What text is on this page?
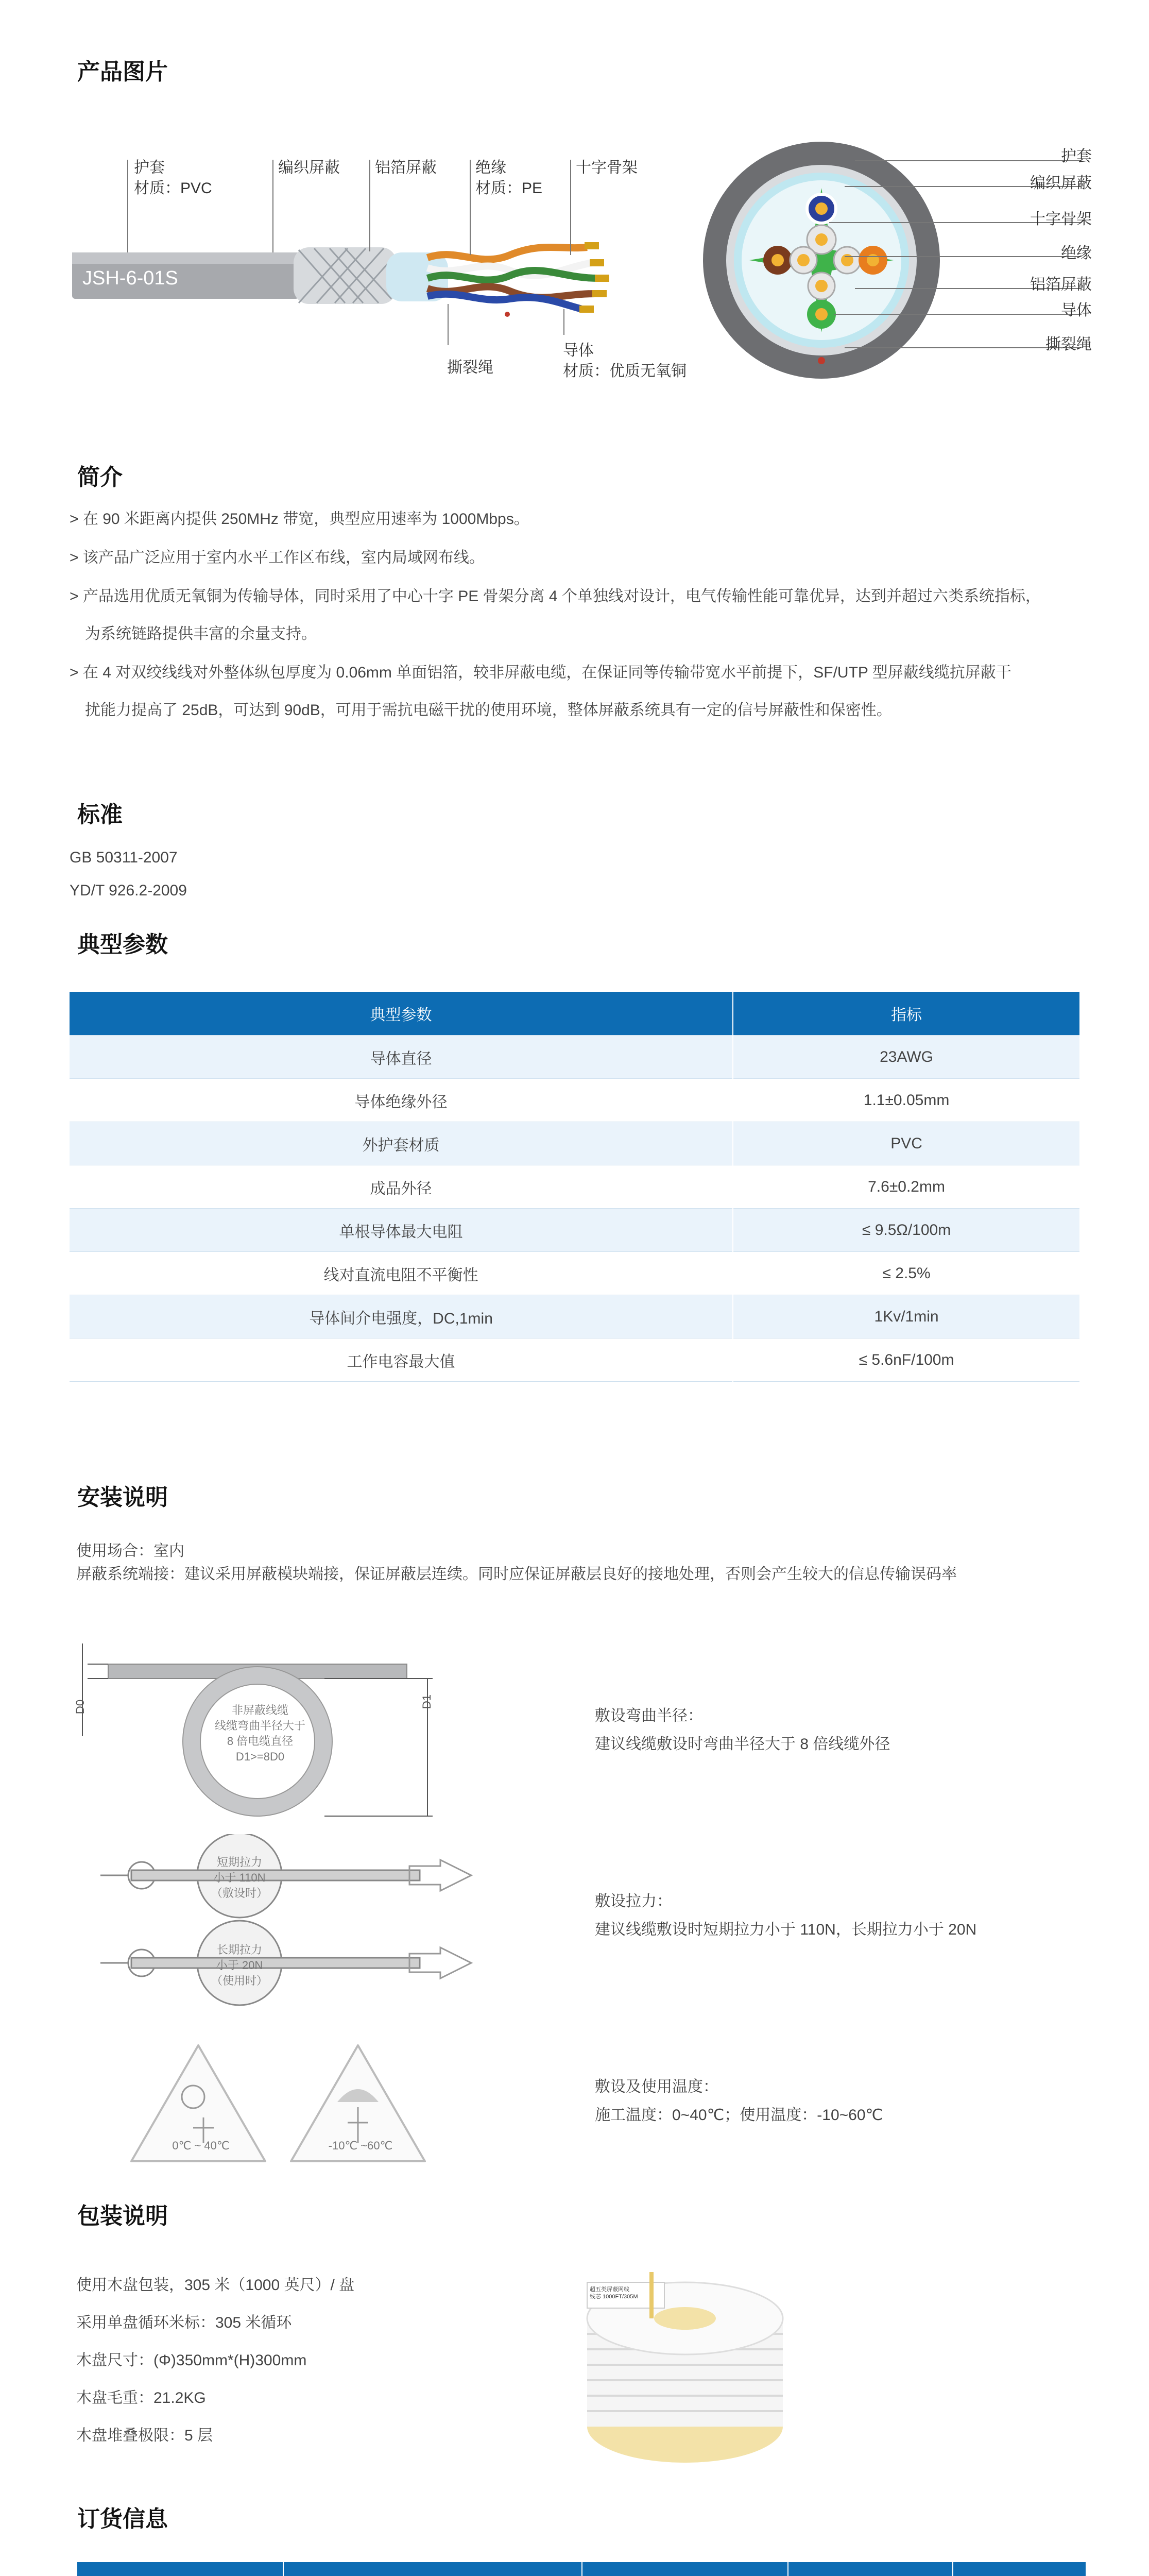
产品图片
JSH-6-01S
护套
材质：PVC
编织屏蔽 铝箔屏蔽	绝缘
材质：PE
十字骨架
撕裂绳
导体
材质：优质无氧铜
护套
编织屏蔽
十字骨架
绝缘
铝箔屏蔽
导体
撕裂绳
简介
> 在 90 米距离内提供 250MHz 带宽，典型应用速率为 1000Mbps。
> 该产品广泛应用于室内水平工作区布线，室内局域网布线。
> 产品选用优质无氧铜为传输导体，同时采用了中心十字 PE 骨架分离 4 个单独线对设计，电气传输性能可靠优异，达到并超过六类系统指标，
为系统链路提供丰富的余量支持。
> 在 4 对双绞线线对外整体纵包厚度为 0.06mm 单面铝箔，较非屏蔽电缆，在保证同等传输带宽水平前提下，SF/UTP 型屏蔽线缆抗屏蔽干
扰能力提高了 25dB，可达到 90dB，可用于需抗电磁干扰的使用环境，整体屏蔽系统具有一定的信号屏蔽性和保密性。
标准
GB 50311-2007
YD/T 926.2-2009
典型参数
典型参数	指标
导体直径	23AWG
导体绝缘外径	1.1±0.05mm
外护套材质	PVC
成品外径	7.6±0.2mm
单根导体最大电阻	≤ 9.5Ω/100m
线对直流电阻不平衡性	≤ 2.5%
导体间介电强度，DC,1min	1Kv/1min
工作电容最大值	≤ 5.6nF/100m
安装说明
使用场合：室内
屏蔽系统端接：建议采用屏蔽模块端接，保证屏蔽层连续。同时应保证屏蔽层良好的接地处理，否则会产生较大的信息传输误码率
D0	D1
非屏蔽线缆
线缆弯曲半径大于
8 倍电缆直径
D1>=8D0
短期拉力
小于 110N
（敷设时）
长期拉力
小于 20N
（使用时）
0℃ ~ 40℃	-10℃ ~60℃
敷设弯曲半径：
建议线缆敷设时弯曲半径大于 8 倍线缆外径
敷设拉力：
建议线缆敷设时短期拉力小于 110N，长期拉力小于 20N
敷设及使用温度：
施工温度：0~40℃；使用温度：-10~60℃
包装说明
使用木盘包装，305 米（1000 英尺）/ 盘
采用单盘循环米标：305 米循环
木盘尺寸：(Φ)350mm*(H)300mm
木盘毛重：21.2KG
木盘堆叠极限：5 层
超五类屏蔽网线
线芯 1000FT/305M
订货信息
